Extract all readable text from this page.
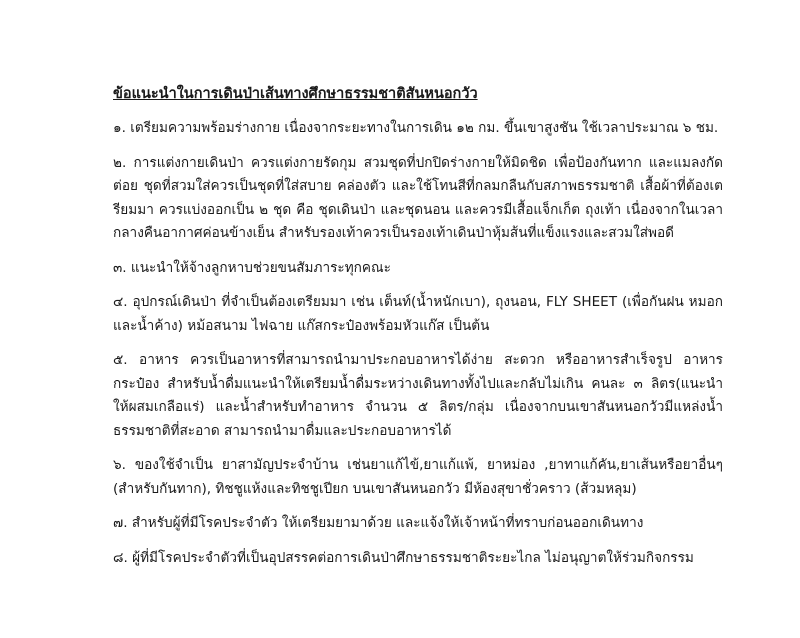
ข้อแนะนำในการเดินป่าเส้นทางศึกษาธรรมชาติสันหนอกวัว
๑. เตรียมความพร้อมร่างกาย เนื่องจากระยะทางในการเดิน ๑๒ กม. ขึ้นเขาสูงชัน ใช้เวลาประมาณ ๖ ชม.
๒. การแต่งกายเดินป่า ควรแต่งกายรัดกุม สวมชุดที่ปกปิดร่างกายให้มิดชิด เพื่อป้องกันทาก และแมลงกัด ต่อย ชุดที่สวมใส่ควรเป็นชุดที่ใส่สบาย คล่องตัว และใช้โทนสีที่กลมกลืนกับสภาพธรรมชาติ เสื้อผ้าที่ต้องเตรียมมา ควรแบ่งออกเป็น ๒ ชุด คือ ชุดเดินป่า และชุดนอน และควรมีเสื้อแจ็กเก็ต ถุงเท้า เนื่องจากในเวลากลางคืนอากาศค่อนข้างเย็น สำหรับรองเท้าควรเป็นรองเท้าเดินป่าหุ้มส้นที่แข็งแรงและสวมใส่พอดี
๓. แนะนำให้จ้างลูกหาบช่วยขนสัมภาระทุกคณะ
๔. อุปกรณ์เดินป่า ที่จำเป็นต้องเตรียมมา เช่น เต็นท์(น้ำหนักเบา), ถุงนอน, FLY SHEET (เพื่อกันฝน หมอก และน้ำค้าง) หม้อสนาม ไฟฉาย แก๊สกระป๋องพร้อมหัวแก๊ส เป็นต้น
๕. อาหาร ควรเป็นอาหารที่สามารถนำมาประกอบอาหารได้ง่าย สะดวก หรืออาหารสำเร็จรูป อาหารกระป๋อง สำหรับน้ำดื่มแนะนำให้เตรียมน้ำดื่มระหว่างเดินทางทั้งไปและกลับไม่เกิน คนละ ๓ ลิตร(แนะนำให้ผสมเกลือแร่) และน้ำสำหรับทำอาหาร จำนวน ๕ ลิตร/กลุ่ม เนื่องจากบนเขาสันหนอกวัวมีแหล่งน้ำธรรมชาติที่สะอาด สามารถนำมาดื่มและประกอบอาหารได้
๖. ของใช้จำเป็น ยาสามัญประจำบ้าน เช่นยาแก้ไข้,ยาแก้แพ้, ยาหม่อง ,ยาทาแก้คัน,ยาเส้นหรือยาอื่นๆ (สำหรับกันทาก), ทิชชูแห้งและทิชชูเปียก บนเขาสันหนอกวัว มีห้องสุขาชั่วคราว (ส้วมหลุม)
๗. สำหรับผู้ที่มีโรคประจำตัว ให้เตรียมยามาด้วย และแจ้งให้เจ้าหน้าที่ทราบก่อนออกเดินทาง
๘. ผู้ที่มีโรคประจำตัวที่เป็นอุปสรรคต่อการเดินป่าศึกษาธรรมชาติระยะไกล ไม่อนุญาตให้ร่วมกิจกรรม
